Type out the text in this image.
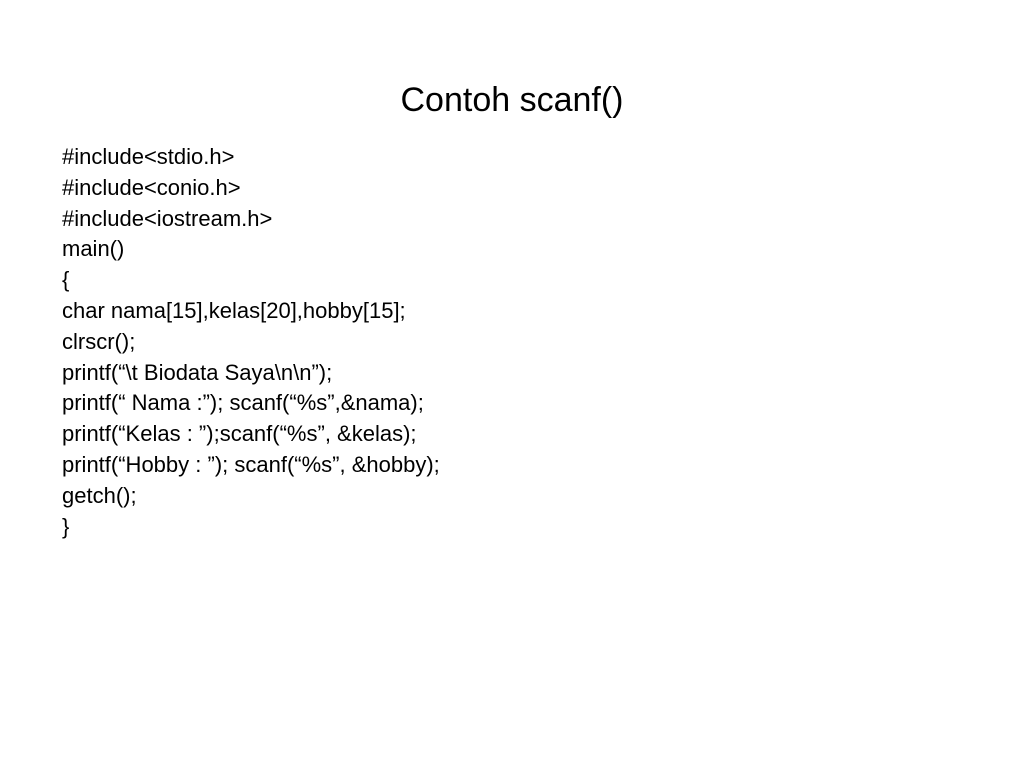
Contoh scanf()
#include<stdio.h>
#include<conio.h>
#include<iostream.h>
main()
{
char nama[15],kelas[20],hobby[15];
clrscr();
printf(“\t Biodata Saya\n\n”);
printf(“ Nama :”); scanf(“%s”,&nama);
printf(“Kelas : ”);scanf(“%s”, &kelas);
printf(“Hobby : ”); scanf(“%s”, &hobby);
getch();
}
